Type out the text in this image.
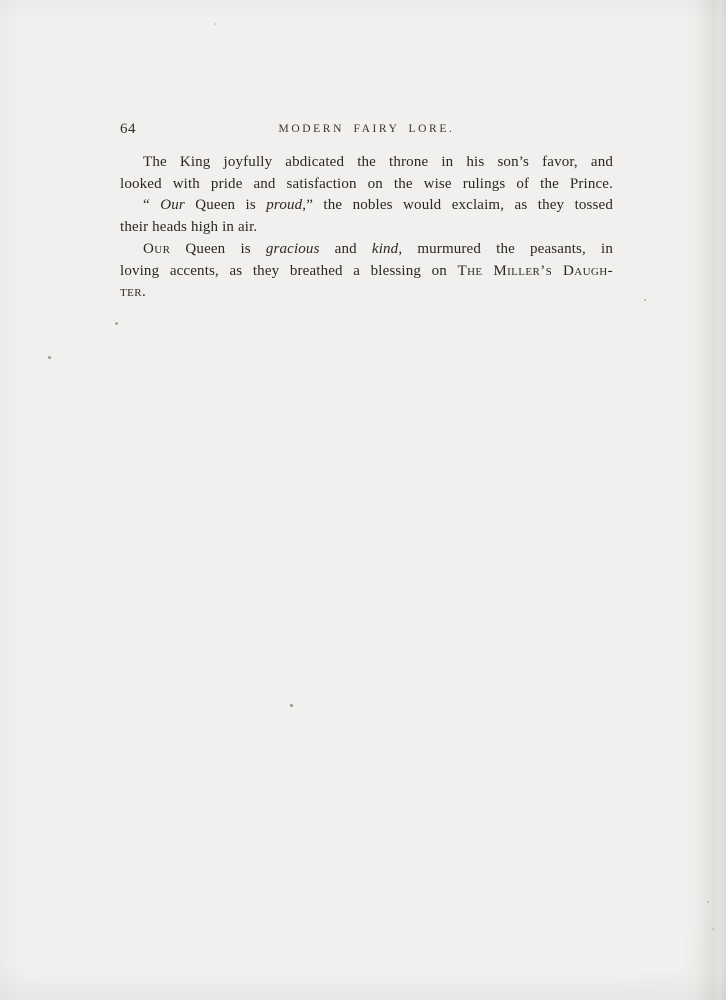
64	MODERN FAIRY LORE.
The King joyfully abdicated the throne in his son’s favor, and
looked with pride and satisfaction on the wise rulings of the Prince.
“ Our Queen is proud,” the nobles would exclaim, as they tossed
their heads high in air.
Our Queen is gracious and kind, murmured the peasants, in
loving accents, as they breathed a blessing on The Miller’s Daugh-
ter.
